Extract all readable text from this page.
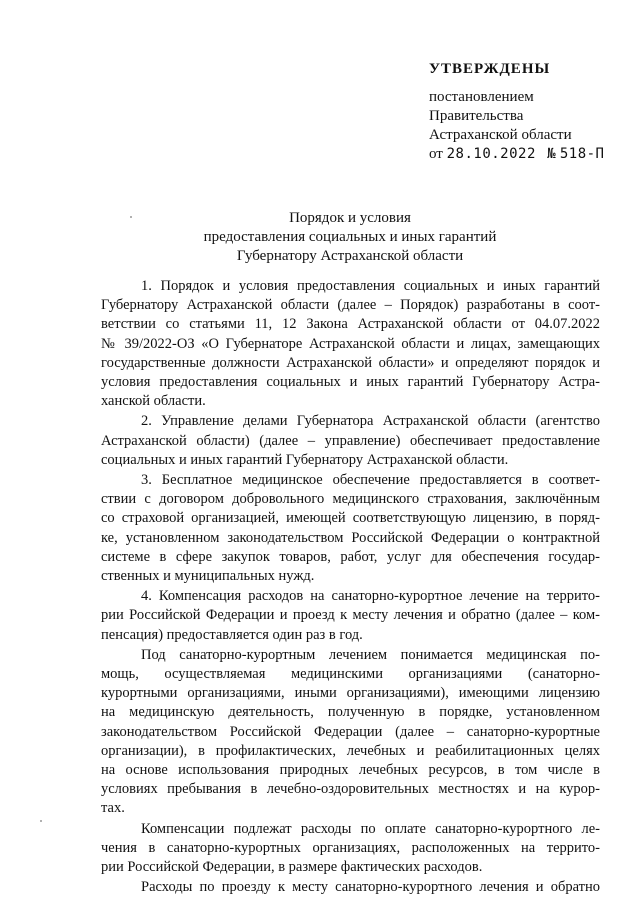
УТВЕРЖДЕНЫ
постановлением
Правительства
Астраханской области
от 28.10.2022 № 518-П
Порядок и условия
предоставления социальных и иных гарантий
Губернатору Астраханской области
1. Порядок и условия предоставления социальных и иных гарантий
Губернатору Астраханской области (далее – Порядок) разработаны в соот-
ветствии со статьями 11, 12 Закона Астраханской области от 04.07.2022
№ 39/2022-ОЗ «О Губернаторе Астраханской области и лицах, замещающих
государственные должности Астраханской области» и определяют порядок и
условия предоставления социальных и иных гарантий Губернатору Астра-
ханской области.
2. Управление делами Губернатора Астраханской области (агентство
Астраханской области) (далее – управление) обеспечивает предоставление
социальных и иных гарантий Губернатору Астраханской области.
3. Бесплатное медицинское обеспечение предоставляется в соответ-
ствии с договором добровольного медицинского страхования, заключённым
со страховой организацией, имеющей соответствующую лицензию, в поряд-
ке, установленном законодательством Российской Федерации о контрактной
системе в сфере закупок товаров, работ, услуг для обеспечения государ-
ственных и муниципальных нужд.
4. Компенсация расходов на санаторно-курортное лечение на террито-
рии Российской Федерации и проезд к месту лечения и обратно (далее – ком-
пенсация) предоставляется один раз в год.
Под санаторно-курортным лечением понимается медицинская по-
мощь, осуществляемая медицинскими организациями (санаторно-
курортными организациями, иными организациями), имеющими лицензию
на медицинскую деятельность, полученную в порядке, установленном
законодательством Российской Федерации (далее – санаторно-курортные
организации), в профилактических, лечебных и реабилитационных целях
на основе использования природных лечебных ресурсов, в том числе в
условиях пребывания в лечебно-оздоровительных местностях и на курор-
тах.
Компенсации подлежат расходы по оплате санаторно-курортного ле-
чения в санаторно-курортных организациях, расположенных на террито-
рии Российской Федерации, в размере фактических расходов.
Расходы по проезду к месту санаторно-курортного лечения и обратно
